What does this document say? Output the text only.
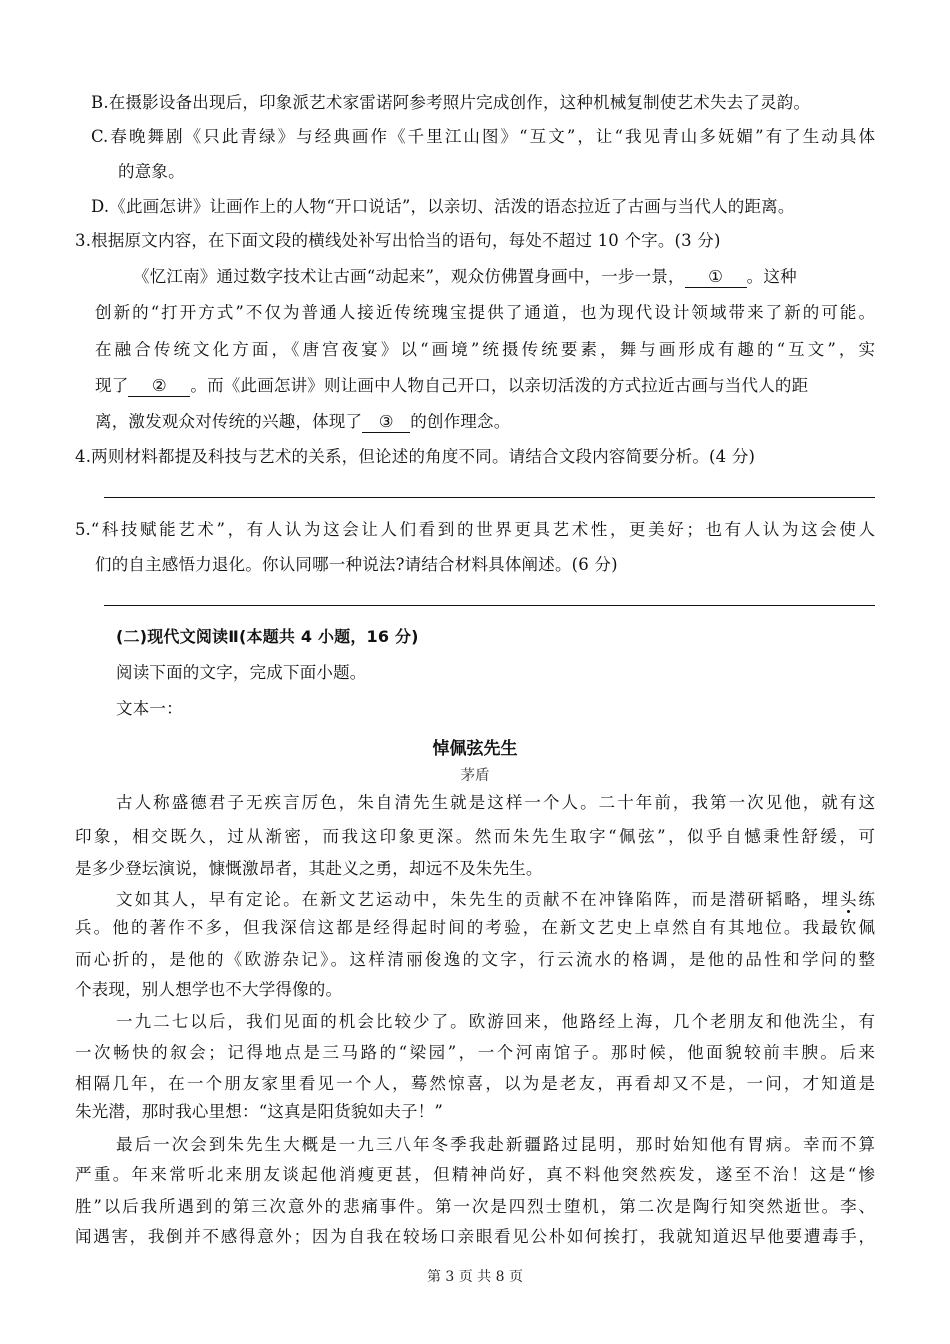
B.在摄影设备出现后，印象派艺术家雷诺阿参考照片完成创作，这种机械复制使艺术失去了灵韵。
C.春晚舞剧《只此青绿》与经典画作《千里江山图》“互文”，让“我见青山多妩媚”有了生动具体
的意象。
D.《此画怎讲》让画作上的人物“开口说话”，以亲切、活泼的语态拉近了古画与当代人的距离。
3.根据原文内容，在下面文段的横线处补写出恰当的语句，每处不超过 10 个字。(3 分)
《忆江南》通过数字技术让古画“动起来”，观众仿佛置身画中，一步一景， ① 。这种
创新的“打开方式”不仅为普通人接近传统瑰宝提供了通道，也为现代设计领域带来了新的可能。
在融合传统文化方面，《唐宫夜宴》以“画境”统摄传统要素，舞与画形成有趣的“互文”，实
现了 ② 。而《此画怎讲》则让画中人物自己开口，以亲切活泼的方式拉近古画与当代人的距
离，激发观众对传统的兴趣，体现了 ③ 的创作理念。
4.两则材料都提及科技与艺术的关系，但论述的角度不同。请结合文段内容简要分析。(4 分)
5.“科技赋能艺术”，有人认为这会让人们看到的世界更具艺术性，更美好；也有人认为这会使人
们的自主感悟力退化。你认同哪一种说法?请结合材料具体阐述。(6 分)
(二)现代文阅读Ⅱ(本题共 4 小题，16 分)
阅读下面的文字，完成下面小题。
文本一：
悼佩弦先生
茅盾
古人称盛德君子无疾言厉色，朱自清先生就是这样一个人。二十年前，我第一次见他，就有这
印象，相交既久，过从渐密，而我这印象更深。然而朱先生取字“佩弦”，似乎自憾秉性舒缓，可
是多少登坛演说，慷慨激昂者，其赴义之勇，却远不及朱先生。
文如其人，早有定论。在新文艺运动中，朱先生的贡献不在冲锋陷阵，而是潜研韬略，埋头练
兵。他的著作不多，但我深信这都是经得起时间的考验，在新文艺史上卓然自有其地位。我最钦佩
而心折的，是他的《欧游杂记》。这样清丽俊逸的文字，行云流水的格调，是他的品性和学问的整
个表现，别人想学也不大学得像的。
一九二七以后，我们见面的机会比较少了。欧游回来，他路经上海，几个老朋友和他洗尘，有
一次畅快的叙会；记得地点是三马路的“梁园”，一个河南馆子。那时候，他面貌较前丰腴。后来
相隔几年，在一个朋友家里看见一个人，蓦然惊喜，以为是老友，再看却又不是，一问，才知道是
朱光潜，那时我心里想：“这真是阳货貌如夫子！”
最后一次会到朱先生大概是一九三八年冬季我赴新疆路过昆明，那时始知他有胃病。幸而不算
严重。年来常听北来朋友谈起他消瘦更甚，但精神尚好，真不料他突然疾发，遂至不治！这是“惨
胜”以后我所遇到的第三次意外的悲痛事件。第一次是四烈士堕机，第二次是陶行知突然逝世。李、
闻遇害，我倒并不感得意外；因为自我在较场口亲眼看见公朴如何挨打，我就知道迟早他要遭毒手，
第 3 页 共 8 页
